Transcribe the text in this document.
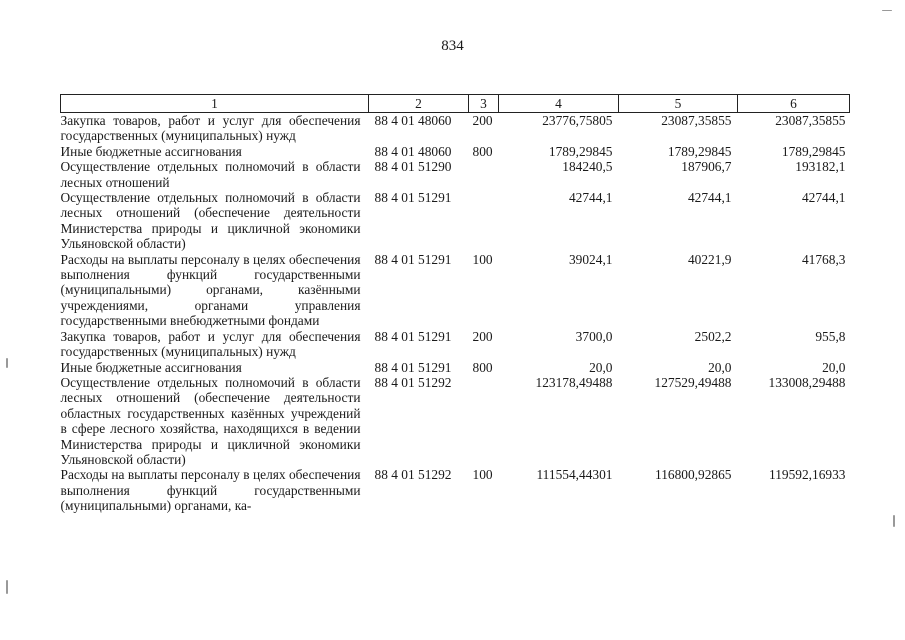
834
1	2	3	4	5	6
Закупка товаров, работ и услуг для обеспечения государственных (муниципальных) нужд	88 4 01 48060	200	23776,75805	23087,35855	23087,35855
Иные бюджетные ассигнования	88 4 01 48060	800	1789,29845	1789,29845	1789,29845
Осуществление отдельных полномочий в области лесных отношений	88 4 01 51290		184240,5	187906,7	193182,1
Осуществление отдельных полномочий в области лесных отношений (обеспечение деятельности Министерства природы и цикличной экономики Ульяновской области)	88 4 01 51291		42744,1	42744,1	42744,1
Расходы на выплаты персоналу в целях обеспечения выполнения функций государственными (муниципальными) органами, казёнными учреждениями, органами управления государственными внебюджетными фондами	88 4 01 51291	100	39024,1	40221,9	41768,3
Закупка товаров, работ и услуг для обеспечения государственных (муниципальных) нужд	88 4 01 51291	200	3700,0	2502,2	955,8
Иные бюджетные ассигнования	88 4 01 51291	800	20,0	20,0	20,0
Осуществление отдельных полномочий в области лесных отношений (обеспечение деятельности областных государственных казённых учреждений в сфере лесного хозяйства, находящихся в ведении Министерства природы и цикличной экономики Ульяновской области)	88 4 01 51292		123178,49488	127529,49488	133008,29488
Расходы на выплаты персоналу в целях обеспечения выполнения функций государственными (муниципальными) органами, ка-	88 4 01 51292	100	111554,44301	116800,92865	119592,16933
